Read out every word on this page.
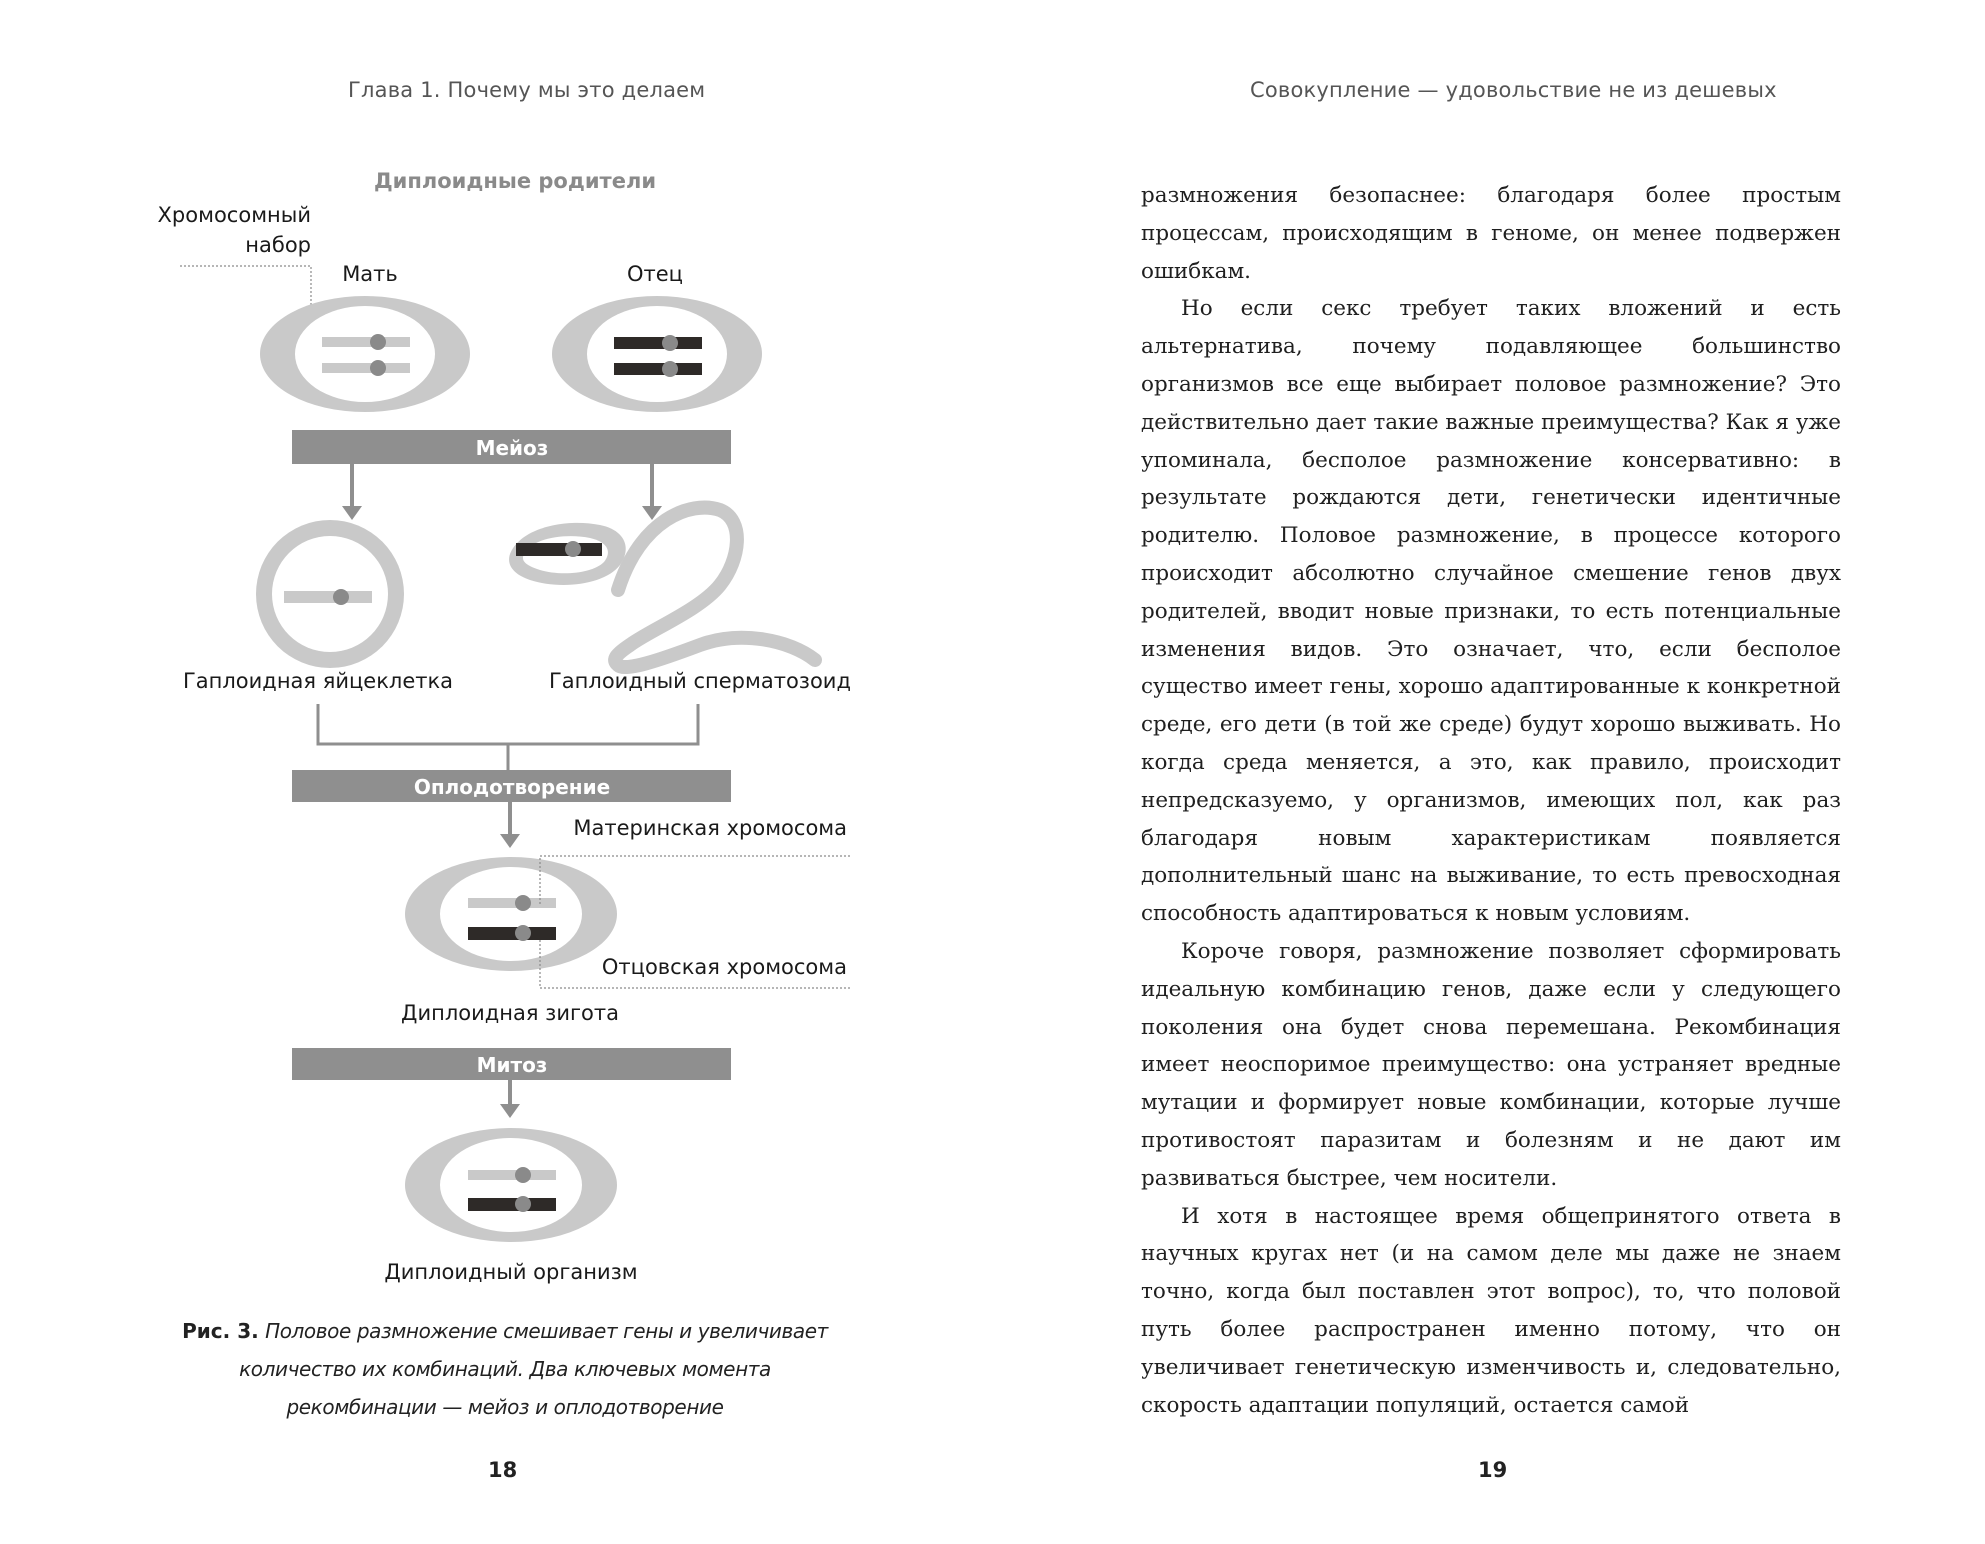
Глава 1. Почему мы это делаем
Диплоидные родители
Хромосомный
набор
Мать	Отец
Мейоз
Гаплоидная яйцеклетка	Гаплоидный сперматозоид
Оплодотворение
Материнская хромосома
Отцовская хромосома
Диплоидная зигота
Митоз
Диплоидный организм
Рис. 3. Половое размножение смешивает гены и увеличивает
количество их комбинаций. Два ключевых момента
рекомбинации — мейоз и оплодотворение
18
Совокупление — удовольствие не из дешевых

размножения безопаснее: благодаря более простым процессам, происходящим в геноме, он менее подвержен ошибкам.

Но если секс требует таких вложений и есть альтернатива, почему подавляющее большинство организмов все еще выбирает половое размножение? Это действительно дает такие важные преимущества? Как я уже упоминала, бесполое размножение консервативно: в результате рождаются дети, генетически идентичные родителю. Половое размножение, в процессе которого происходит абсолютно случайное смешение генов двух родителей, вводит новые признаки, то есть потенциальные изменения видов. Это означает, что, если бесполое существо имеет гены, хорошо адаптированные к конкретной среде, его дети (в той же среде) будут хорошо выживать. Но когда среда меняется, а это, как правило, происходит непредсказуемо, у организмов, имеющих пол, как раз благодаря новым характеристикам появляется дополнительный шанс на выживание, то есть превосходная способность адаптироваться к новым условиям.

Короче говоря, размножение позволяет сформировать идеальную комбинацию генов, даже если у следующего поколения она будет снова перемешана. Рекомбинация имеет неоспоримое преимущество: она устраняет вредные мутации и формирует новые комбинации, которые лучше противостоят паразитам и болезням и не дают им развиваться быстрее, чем носители.

И хотя в настоящее время общепринятого ответа в научных кругах нет (и на самом деле мы даже не знаем точно, когда был поставлен этот вопрос), то, что половой путь более распространен именно потому, что он увеличивает генетическую изменчивость и, следовательно, скорость адаптации популяций, остается самой

19
